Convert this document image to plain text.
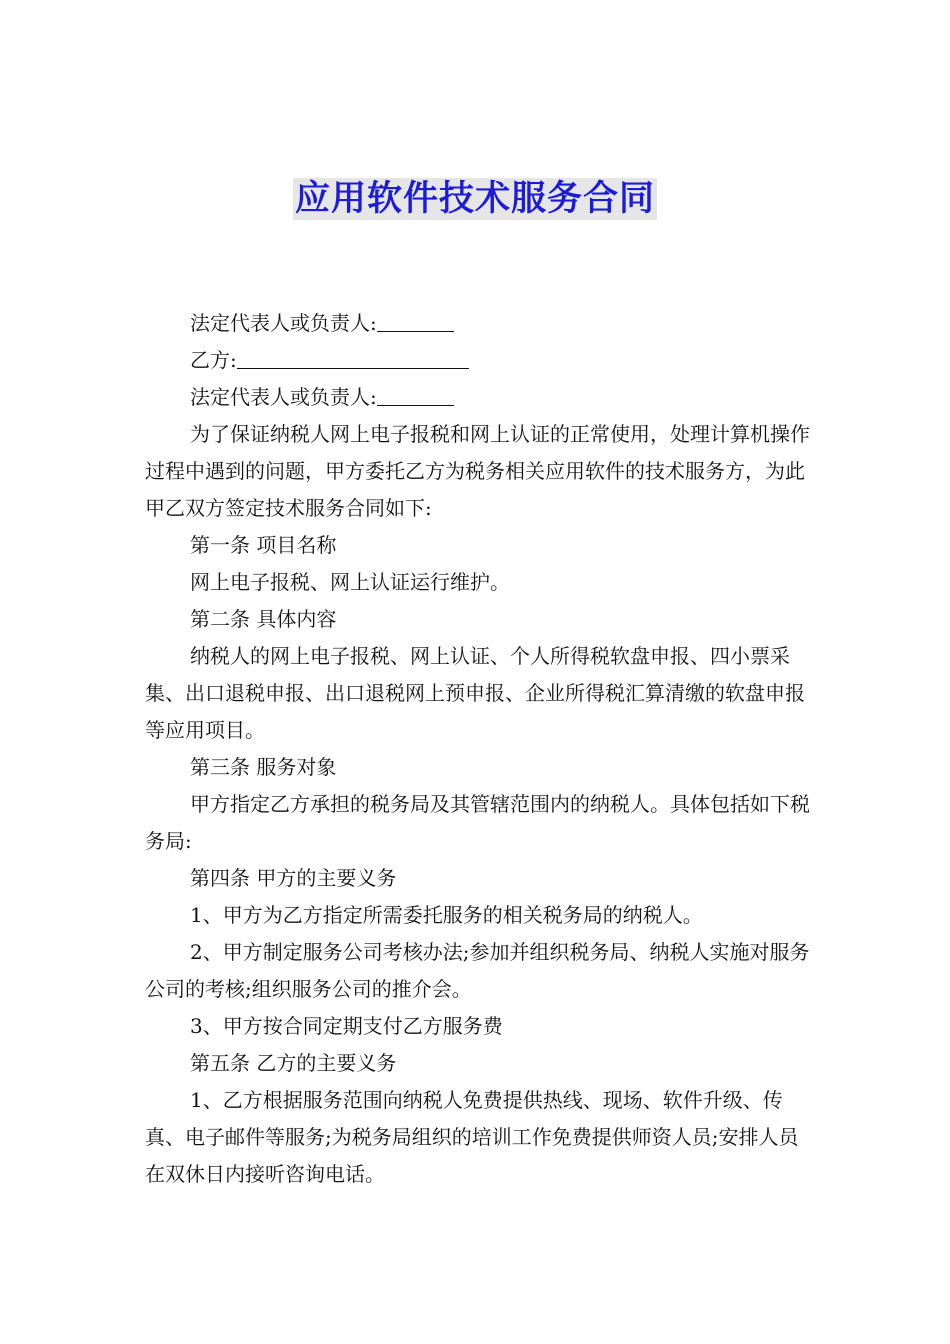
应用软件技术服务合同

法定代表人或负责人:

乙方:

法定代表人或负责人:

为了保证纳税人网上电子报税和网上认证的正常使用，处理计算机操作过程中遇到的问题，甲方委托乙方为税务相关应用软件的技术服务方，为此甲乙双方签定技术服务合同如下:

第一条 项目名称

网上电子报税、网上认证运行维护。

第二条 具体内容

纳税人的网上电子报税、网上认证、个人所得税软盘申报、四小票采集、出口退税申报、出口退税网上预申报、企业所得税汇算清缴的软盘申报等应用项目。

第三条 服务对象

甲方指定乙方承担的税务局及其管辖范围内的纳税人。具体包括如下税务局:

第四条 甲方的主要义务

1、甲方为乙方指定所需委托服务的相关税务局的纳税人。

2、甲方制定服务公司考核办法;参加并组织税务局、纳税人实施对服务公司的考核;组织服务公司的推介会。

3、甲方按合同定期支付乙方服务费

第五条 乙方的主要义务

1、乙方根据服务范围向纳税人免费提供热线、现场、软件升级、传真、电子邮件等服务;为税务局组织的培训工作免费提供师资人员;安排人员在双休日内接听咨询电话。
